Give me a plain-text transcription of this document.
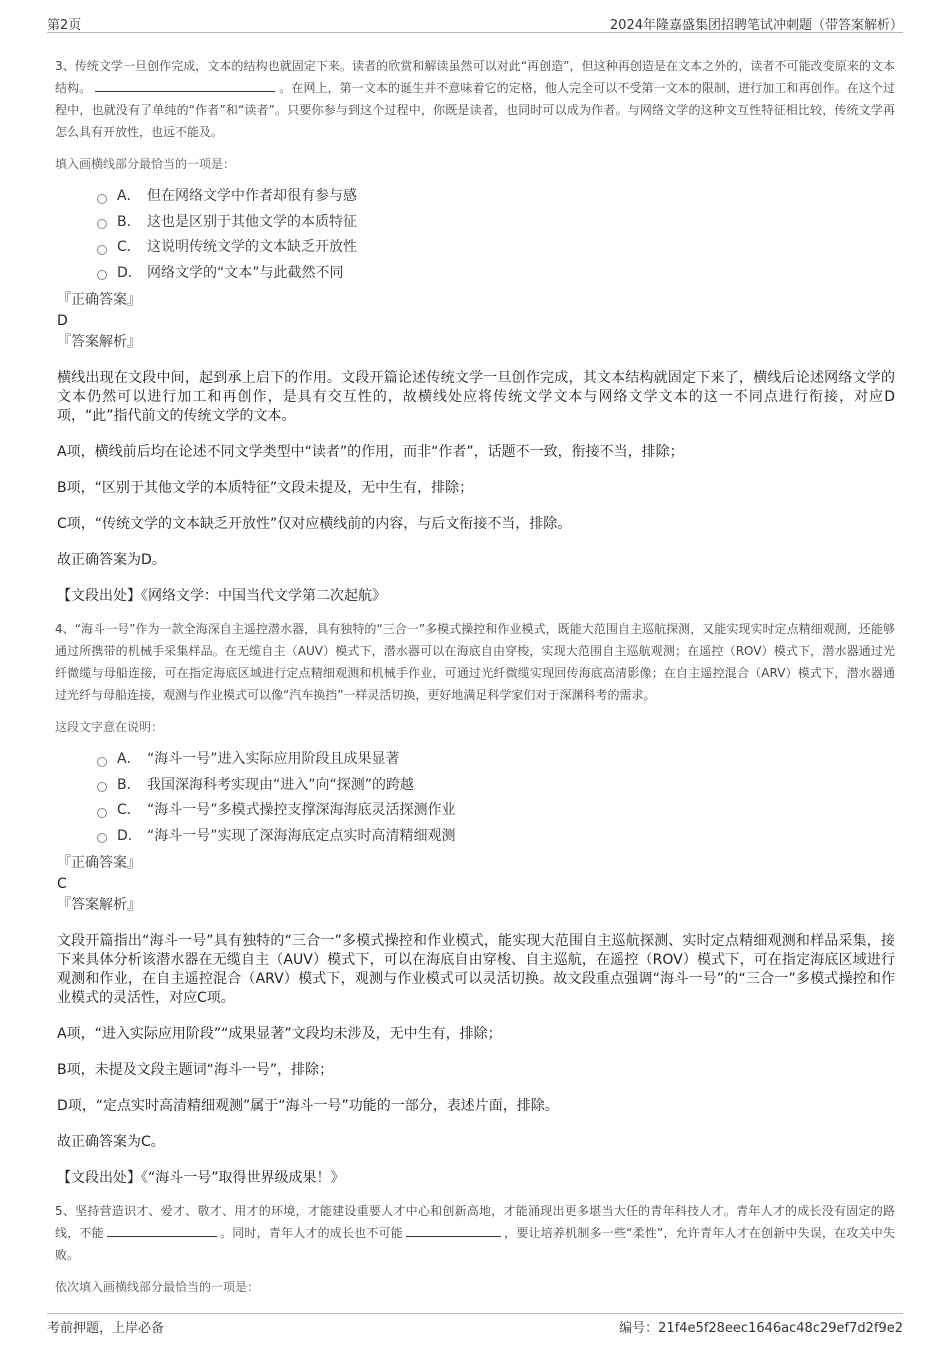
第2页	2024年隆嘉盛集团招聘笔试冲刺题（带答案解析）
3、传统文学一旦创作完成，文本的结构也就固定下来。读者的欣赏和解读虽然可以对此“再创造”，但这种再创造是在文本之外的，读者不可能改变原来的文本结构。	。在网上，第一文本的诞生并不意味着它的定格，他人完全可以不受第一文本的限制，进行加工和再创作。在这个过程中，也就没有了单纯的“作者”和“读者”。只要你参与到这个过程中，你既是读者，也同时可以成为作者。与网络文学的这种文互性特征相比较，传统文学再怎么具有开放性，也远不能及。
填入画横线部分最恰当的一项是：
A． 但在网络文学中作者却很有参与感
B． 这也是区别于其他文学的本质特征
C． 这说明传统文学的文本缺乏开放性
D． 网络文学的“文本”与此截然不同
『正确答案』
D
『答案解析』
横线出现在文段中间，起到承上启下的作用。文段开篇论述传统文学一旦创作完成，其文本结构就固定下来了，横线后论述网络文学的文本仍然可以进行加工和再创作，是具有交互性的，故横线处应将传统文学文本与网络文学文本的这一不同点进行衔接，对应D项，“此”指代前文的传统文学的文本。
A项，横线前后均在论述不同文学类型中“读者”的作用，而非“作者”，话题不一致，衔接不当，排除；
B项，“区别于其他文学的本质特征”文段未提及，无中生有，排除；
C项，“传统文学的文本缺乏开放性”仅对应横线前的内容，与后文衔接不当，排除。
故正确答案为D。
【文段出处】《网络文学：中国当代文学第二次起航》
4、“海斗一号”作为一款全海深自主遥控潜水器，具有独特的“三合一”多模式操控和作业模式，既能大范围自主巡航探测，又能实现实时定点精细观测，还能够通过所携带的机械手采集样品。在无缆自主（AUV）模式下，潜水器可以在海底自由穿梭，实现大范围自主巡航观测；在遥控（ROV）模式下，潜水器通过光纤微缆与母船连接，可在指定海底区域进行定点精细观测和机械手作业，可通过光纤微缆实现回传海底高清影像；在自主遥控混合（ARV）模式下，潜水器通过光纤与母船连接，观测与作业模式可以像“汽车换挡”一样灵活切换，更好地满足科学家们对于深渊科考的需求。
这段文字意在说明：
A． “海斗一号”进入实际应用阶段且成果显著
B． 我国深海科考实现由“进入”向“探测”的跨越
C． “海斗一号”多模式操控支撑深海海底灵活探测作业
D． “海斗一号”实现了深海海底定点实时高清精细观测
『正确答案』
C
『答案解析』
文段开篇指出“海斗一号”具有独特的“三合一”多模式操控和作业模式，能实现大范围自主巡航探测、实时定点精细观测和样品采集，接下来具体分析该潜水器在无缆自主（AUV）模式下，可以在海底自由穿梭、自主巡航，在遥控（ROV）模式下，可在指定海底区域进行观测和作业，在自主遥控混合（ARV）模式下，观测与作业模式可以灵活切换。故文段重点强调“海斗一号”的“三合一”多模式操控和作业模式的灵活性，对应C项。
A项，“进入实际应用阶段”“成果显著”文段均未涉及，无中生有，排除；
B项，未提及文段主题词“海斗一号”，排除；
D项，“定点实时高清精细观测”属于“海斗一号”功能的一部分，表述片面，排除。
故正确答案为C。
【文段出处】《“海斗一号”取得世界级成果！》
5、坚持营造识才、爱才、敬才、用才的环境，才能建设重要人才中心和创新高地，才能涌现出更多堪当大任的青年科技人才。青年人才的成长没有固定的路线，不能	。同时，青年人才的成长也不可能	，要让培养机制多一些“柔性”，允许青年人才在创新中失误，在攻关中失败。
依次填入画横线部分最恰当的一项是：
考前押题，上岸必备	编号：21f4e5f28eec1646ac48c29ef7d2f9e2
